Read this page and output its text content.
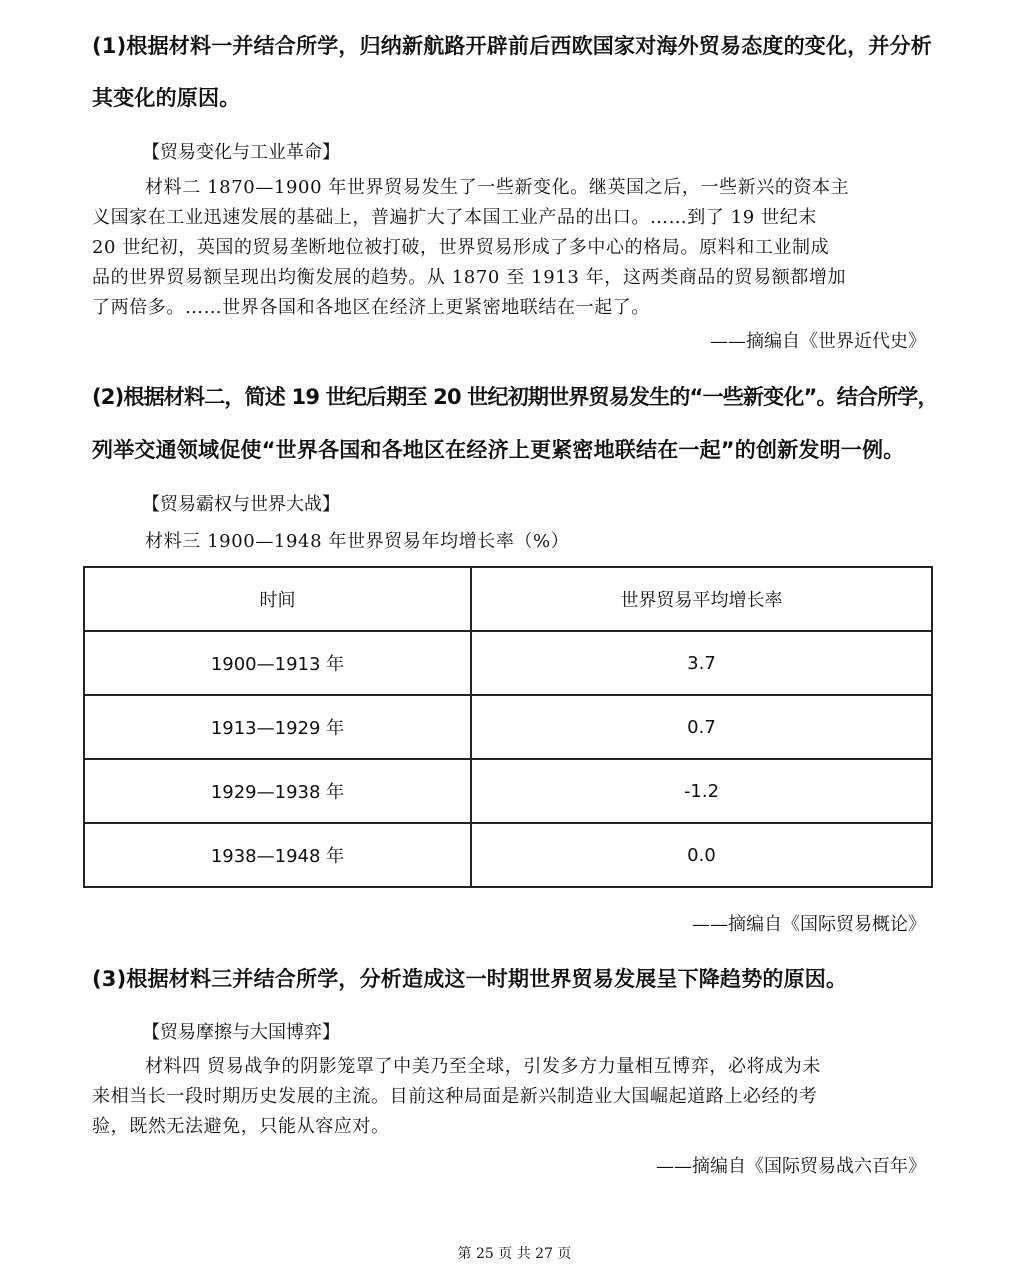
(1)根据材料一并结合所学，归纳新航路开辟前后西欧国家对海外贸易态度的变化，并分析
其变化的原因。
【贸易变化与工业革命】
材料二 1870—1900 年世界贸易发生了一些新变化。继英国之后，一些新兴的资本主
义国家在工业迅速发展的基础上，普遍扩大了本国工业产品的出口。……到了 19 世纪末
20 世纪初，英国的贸易垄断地位被打破，世界贸易形成了多中心的格局。原料和工业制成
品的世界贸易额呈现出均衡发展的趋势。从 1870 至 1913 年，这两类商品的贸易额都增加
了两倍多。……世界各国和各地区在经济上更紧密地联结在一起了。
——摘编自《世界近代史》
(2)根据材料二，简述 19 世纪后期至 20 世纪初期世界贸易发生的“一些新变化”。结合所学，
列举交通领域促使“世界各国和各地区在经济上更紧密地联结在一起”的创新发明一例。
【贸易霸权与世界大战】
材料三 1900—1948 年世界贸易年均增长率（%）
时间	世界贸易平均增长率
1900—1913 年	3.7
1913—1929 年	0.7
1929—1938 年	-1.2
1938—1948 年	0.0
——摘编自《国际贸易概论》
(3)根据材料三并结合所学，分析造成这一时期世界贸易发展呈下降趋势的原因。
【贸易摩擦与大国博弈】
材料四 贸易战争的阴影笼罩了中美乃至全球，引发多方力量相互博弈，必将成为未
来相当长一段时期历史发展的主流。目前这种局面是新兴制造业大国崛起道路上必经的考
验，既然无法避免，只能从容应对。
——摘编自《国际贸易战六百年》
第 25 页 共 27 页
